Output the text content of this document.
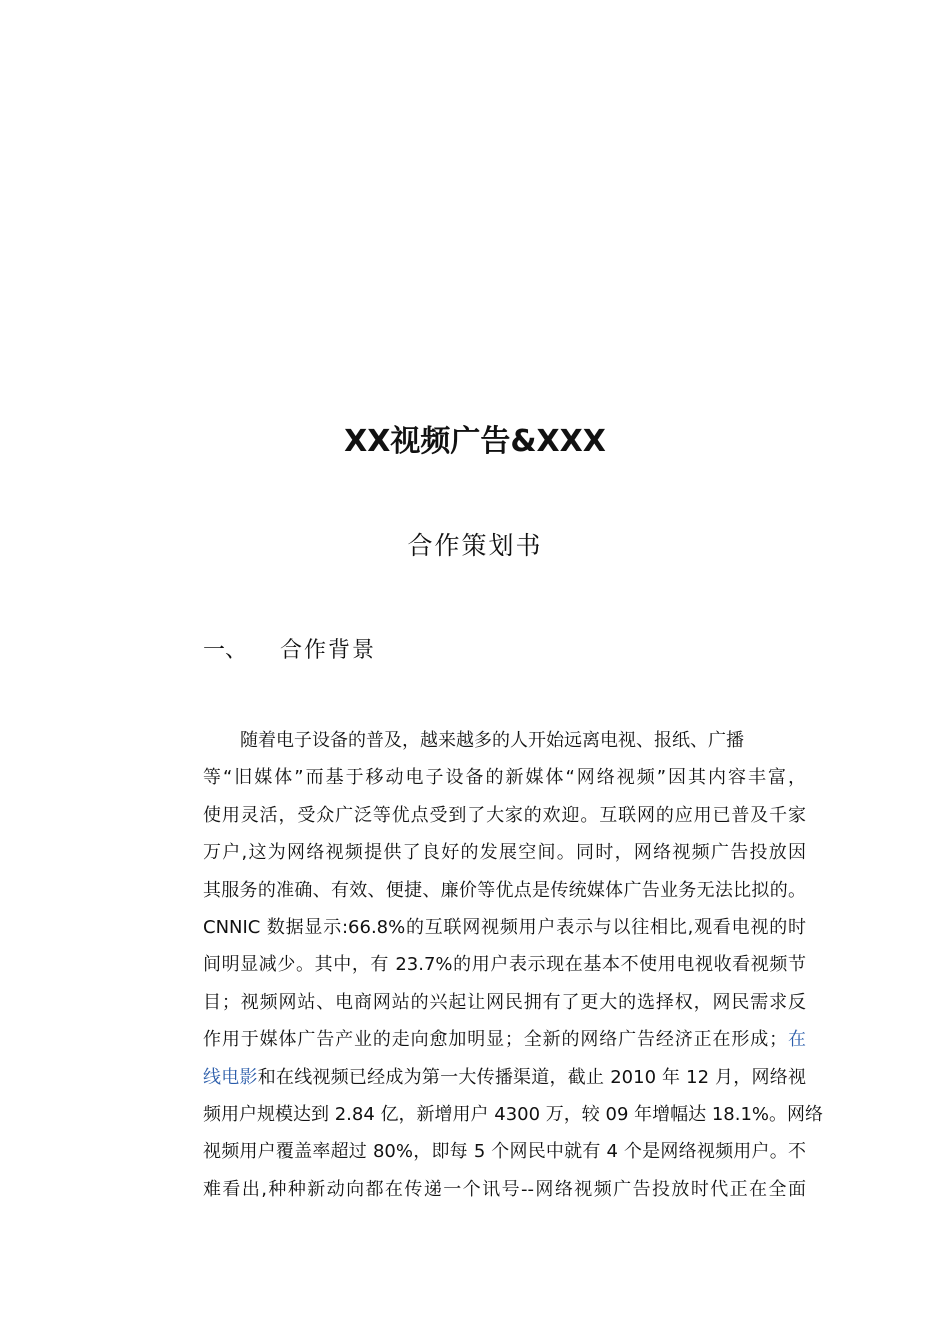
XX视频广告&XXX
合作策划书
一、 合作背景
随着电子设备的普及，越来越多的人开始远离电视、报纸、广播
等“旧媒体”而基于移动电子设备的新媒体“网络视频”因其内容丰富，
使用灵活，受众广泛等优点受到了大家的欢迎。互联网的应用已普及千家
万户,这为网络视频提供了良好的发展空间。同时，网络视频广告投放因
其服务的准确、有效、便捷、廉价等优点是传统媒体广告业务无法比拟的。
CNNIC 数据显示:66.8%的互联网视频用户表示与以往相比,观看电视的时
间明显减少。其中，有 23.7%的用户表示现在基本不使用电视收看视频节
目；视频网站、电商网站的兴起让网民拥有了更大的选择权，网民需求反
作用于媒体广告产业的走向愈加明显；全新的网络广告经济正在形成；在
线电影和在线视频已经成为第一大传播渠道，截止 2010 年 12 月，网络视
频用户规模达到 2.84 亿，新增用户 4300 万，较 09 年增幅达 18.1%。网络
视频用户覆盖率超过 80%，即每 5 个网民中就有 4 个是网络视频用户。不
难看出,种种新动向都在传递一个讯号--网络视频广告投放时代正在全面
